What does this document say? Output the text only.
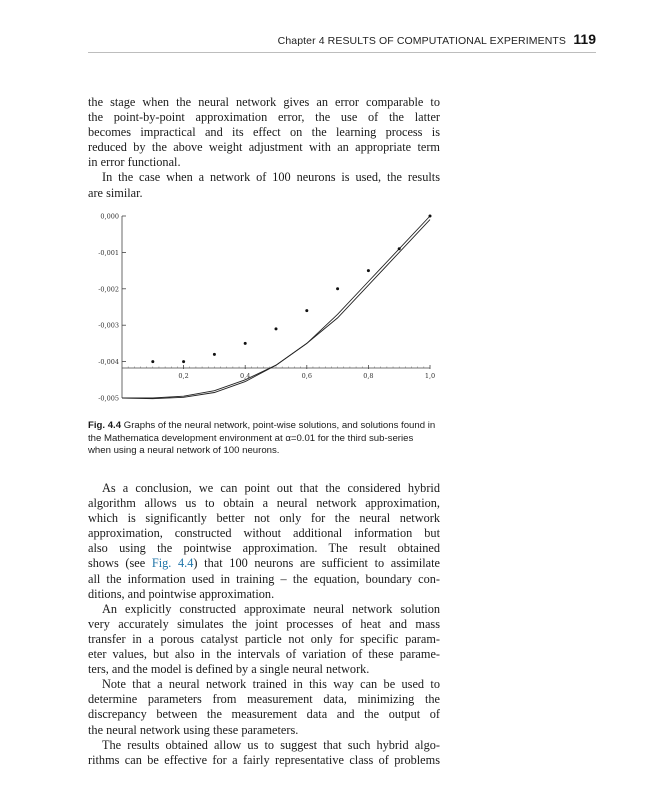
Chapter 4 RESULTS OF COMPUTATIONAL EXPERIMENTS 119

the stage when the neural network gives an error comparable to

the point-by-point approximation error, the use of the latter

becomes impractical and its effect on the learning process is

reduced by the above weight adjustment with an appropriate term

in error functional.

In the case when a network of 100 neurons is used, the results

are similar.

0,000
-0,001
-0,002
-0,003
-0,004
-0,005
0,2	0,4	0,6	0,8	1,0
Fig. 4.4 Graphs of the neural network, point-wise solutions, and solutions found in
the Mathematica development environment at α=0.01 for the third sub-series
when using a neural network of 100 neurons.

As a conclusion, we can point out that the considered hybrid

algorithm allows us to obtain a neural network approximation,

which is significantly better not only for the neural network

approximation, constructed without additional information but

also using the pointwise approximation. The result obtained

shows (see Fig. 4.4) that 100 neurons are sufficient to assimilate

all the information used in training – the equation, boundary con-

ditions, and pointwise approximation.

An explicitly constructed approximate neural network solution

very accurately simulates the joint processes of heat and mass

transfer in a porous catalyst particle not only for specific param-

eter values, but also in the intervals of variation of these parame-

ters, and the model is defined by a single neural network.

Note that a neural network trained in this way can be used to

determine parameters from measurement data, minimizing the

discrepancy between the measurement data and the output of

the neural network using these parameters.

The results obtained allow us to suggest that such hybrid algo-

rithms can be effective for a fairly representative class of problems
